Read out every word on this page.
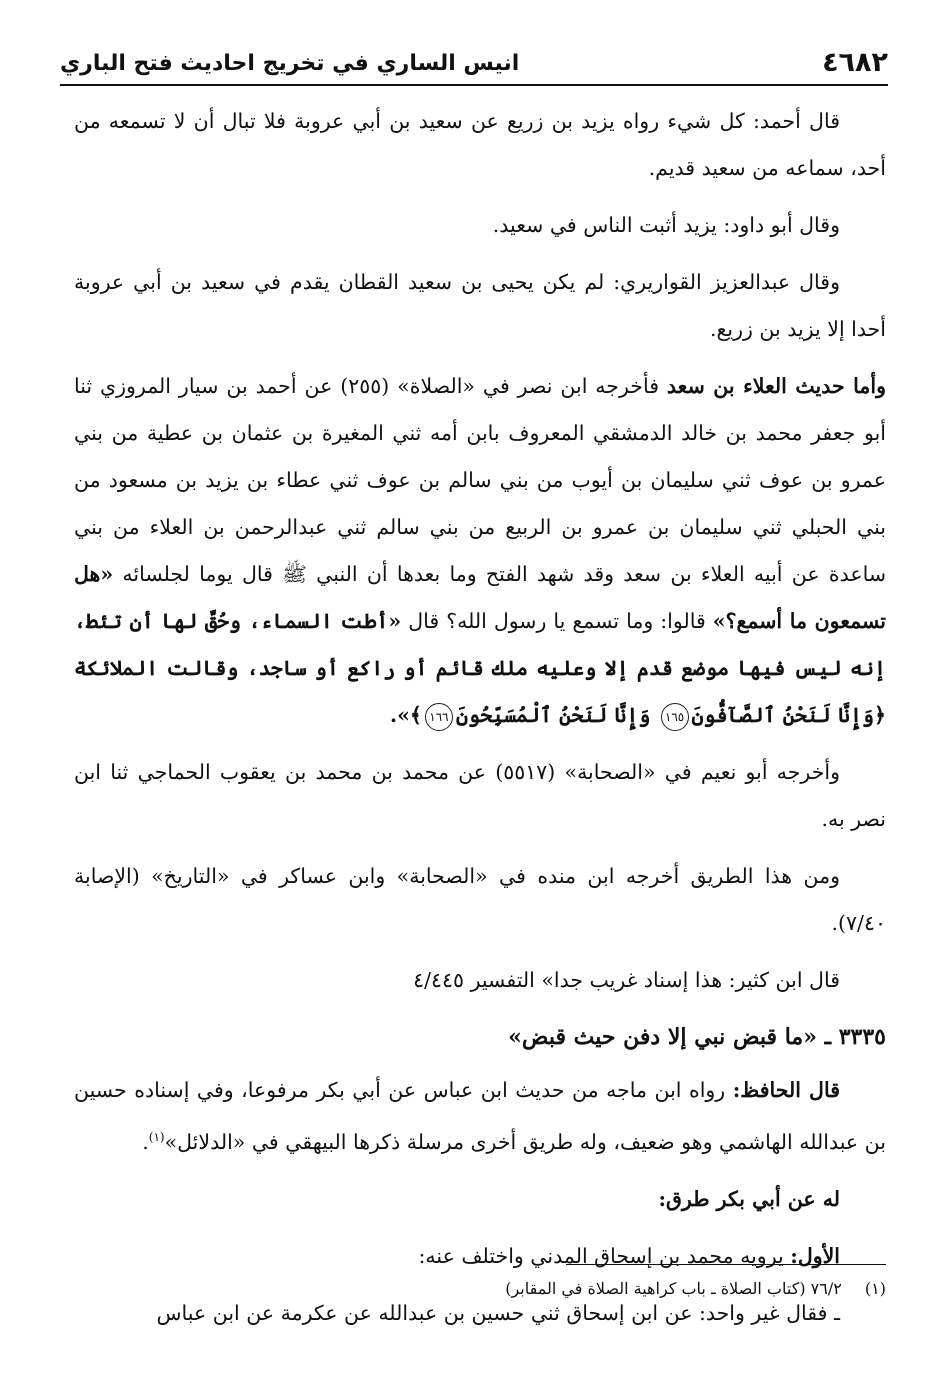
٤٦٨٢
انيس الساري في تخريج احاديث فتح الباري

قال أحمد: كل شيء رواه يزيد بن زريع عن سعيد بن أبي عروبة فلا تبال أن لا تسمعه من أحد، سماعه من سعيد قديم.

وقال أبو داود: يزيد أثبت الناس في سعيد.

وقال عبدالعزيز القواريري: لم يكن يحيى بن سعيد القطان يقدم في سعيد بن أبي عروبة أحدا إلا يزيد بن زريع.

وأما حديث العلاء بن سعد فأخرجه ابن نصر في «الصلاة» (٢٥٥) عن أحمد بن سيار المروزي ثنا أبو جعفر محمد بن خالد الدمشقي المعروف بابن أمه ثني المغيرة بن عثمان بن عطية من بني عمرو بن عوف ثني سليمان بن أيوب من بني سالم بن عوف ثني عطاء بن يزيد بن مسعود من بني الحبلي ثني سليمان بن عمرو بن الربيع من بني سالم ثني عبدالرحمن بن العلاء من بني ساعدة عن أبيه العلاء بن سعد وقد شهد الفتح وما بعدها أن النبي ﷺ قال يوما لجلسائه «هل تسمعون ما أسمع؟» قالوا: وما تسمع يا رسول الله؟ قال «أطت السماء، وحُقَّ لها أن تئط، إنه ليس فيها موضع قدم إلا وعليه ملك قائم أو راكع أو ساجد، وقالت الملائكة ﴿وَإِنَّا لَنَحْنُ ٱلصَّآفُّونَ١٦٥ وَإِنَّا لَنَحْنُ ٱلْمُسَبِّحُونَ١٦٦﴾».

وأخرجه أبو نعيم في «الصحابة» (٥٥١٧) عن محمد بن محمد بن يعقوب الحماجي ثنا ابن نصر به.

ومن هذا الطريق أخرجه ابن منده في «الصحابة» وابن عساكر في «التاريخ» (الإصابة ٧/٤٠).

قال ابن كثير: هذا إسناد غريب جدا» التفسير ٤/٤٤٥

٣٣٣٥ ـ «ما قبض نبي إلا دفن حيث قبض»

قال الحافظ: رواه ابن ماجه من حديث ابن عباس عن أبي بكر مرفوعا، وفي إسناده حسين بن عبدالله الهاشمي وهو ضعيف، وله طريق أخرى مرسلة ذكرها البيهقي في «الدلائل»$^{(١)}$.

له عن أبي بكر طرق:

الأول: يرويه محمد بن إسحاق المدني واختلف عنه:

ـ فقال غير واحد: عن ابن إسحاق ثني حسين بن عبدالله عن عكرمة عن ابن عباس

(١) ٧٦/٢ (كتاب الصلاة ـ باب كراهية الصلاة في المقابر)
